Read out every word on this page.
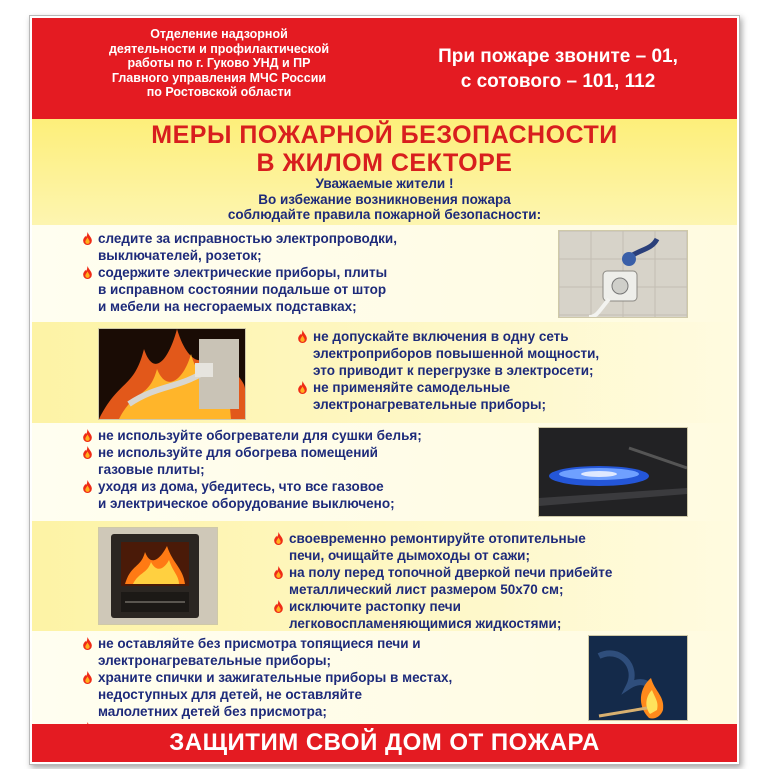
Отделение надзорной
деятельности и профилактической
работы по г. Гуково УНД и ПР
Главного управления МЧС России
по Ростовской области
При пожаре звоните – 01,
с сотового – 101, 112
МЕРЫ ПОЖАРНОЙ БЕЗОПАСНОСТИ
В ЖИЛОМ СЕКТОРЕ
Уважаемые жители !
Во избежание возникновения пожара
соблюдайте правила пожарной безопасности:
следите за исправностью электропроводки,
выключателей, розеток;
содержите электрические приборы, плиты
в исправном состоянии подальше от штор
и мебели на несгораемых подставках;
не допускайте включения в одну сеть
электроприборов повышенной мощности,
это приводит к перегрузке в электросети;
не применяйте самодельные
электронагревательные приборы;
не используйте обогреватели для сушки белья;
не используйте для обогрева помещений
газовые плиты;
уходя из дома, убедитесь, что все газовое
и электрическое оборудование выключено;
своевременно ремонтируйте отопительные
печи, очищайте дымоходы от сажи;
на полу перед топочной дверкой печи прибейте
металлический лист размером 50х70 см;
исключите растопку печи
легковоспламеняющимися жидкостями;
не оставляйте без присмотра топящиеся печи и
электронагревательные приборы;
храните спички и зажигательные приборы в местах,
недоступных для детей, не оставляйте
малолетних детей без присмотра;
ЗАЩИТИМ СВОЙ ДОМ ОТ ПОЖАРА
